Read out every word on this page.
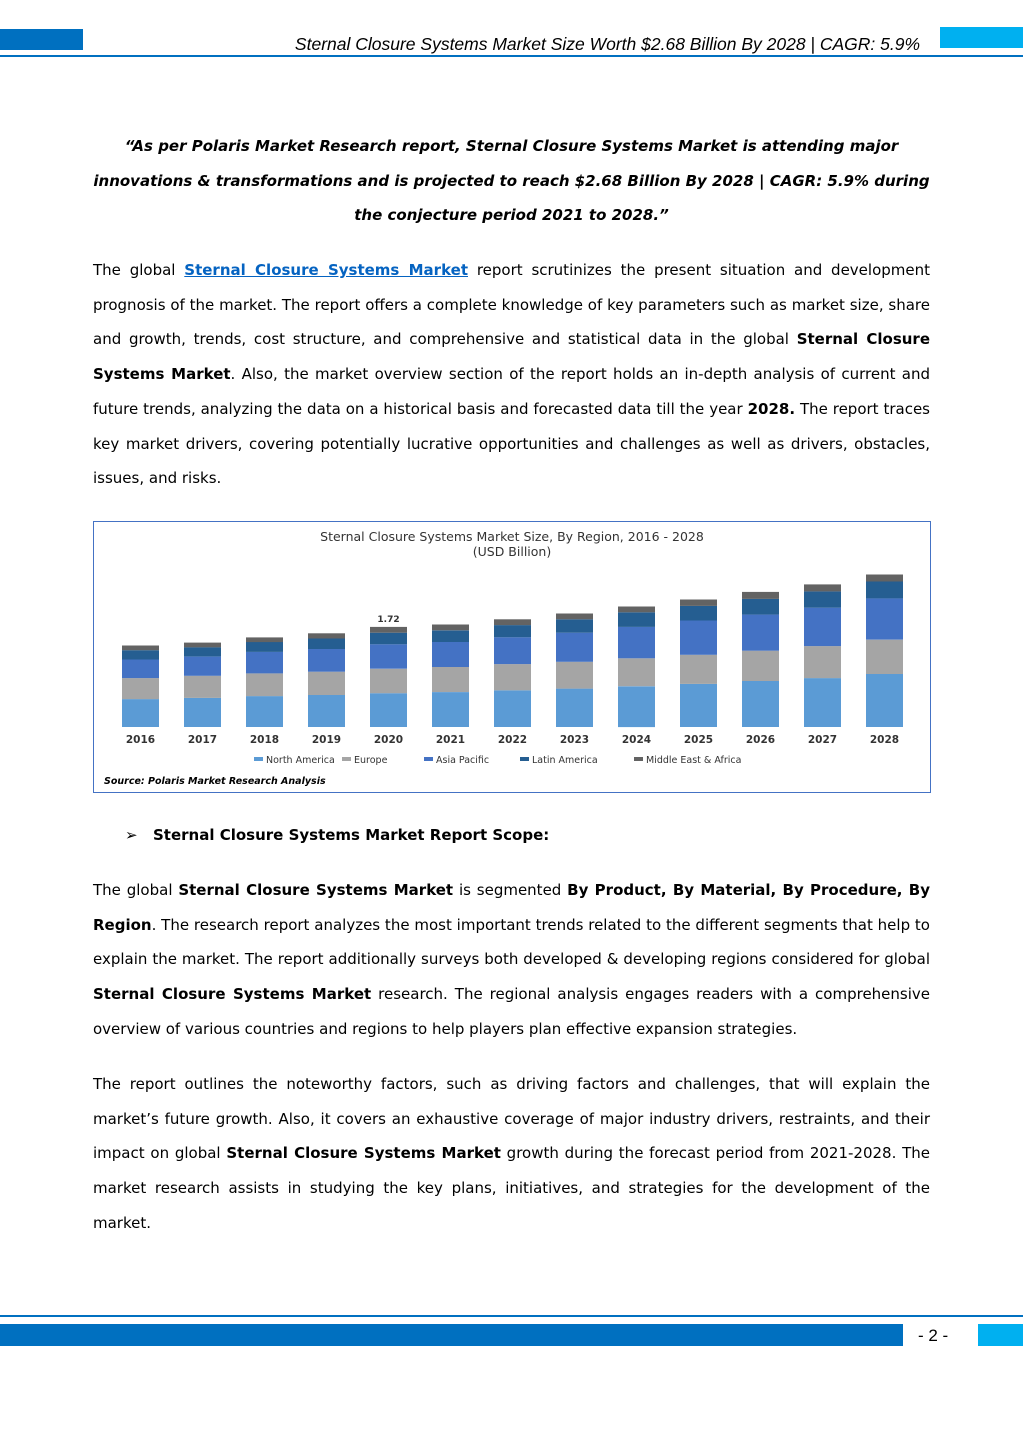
Sternal Closure Systems Market Size Worth $2.68 Billion By 2028 | CAGR: 5.9%
“As per Polaris Market Research report, Sternal Closure Systems Market is attending major innovations & transformations and is projected to reach $2.68 Billion By 2028 | CAGR: 5.9% during the conjecture period 2021 to 2028.”
The global Sternal Closure Systems Market report scrutinizes the present situation and development prognosis of the market. The report offers a complete knowledge of key parameters such as market size, share and growth, trends, cost structure, and comprehensive and statistical data in the global Sternal Closure Systems Market. Also, the market overview section of the report holds an in-depth analysis of current and future trends, analyzing the data on a historical basis and forecasted data till the year 2028. The report traces key market drivers, covering potentially lucrative opportunities and challenges as well as drivers, obstacles, issues, and risks.
Sternal Closure Systems Market Size, By Region, 2016 - 2028
(USD Billion)
1.72
2016	2017	2018	2019	2020	2021	2022	2023	2024	2025	2026	2027	2028
North America Europe	Asia Pacific	Latin America	Middle East & Africa
Source: Polaris Market Research Analysis
➢ Sternal Closure Systems Market Report Scope:
The global Sternal Closure Systems Market is segmented By Product, By Material, By Procedure, By Region. The research report analyzes the most important trends related to the different segments that help to explain the market. The report additionally surveys both developed & developing regions considered for global Sternal Closure Systems Market research. The regional analysis engages readers with a comprehensive overview of various countries and regions to help players plan effective expansion strategies.
The report outlines the noteworthy factors, such as driving factors and challenges, that will explain the market’s future growth. Also, it covers an exhaustive coverage of major industry drivers, restraints, and their impact on global Sternal Closure Systems Market growth during the forecast period from 2021-2028. The market research assists in studying the key plans, initiatives, and strategies for the development of the market.
- 2 -
